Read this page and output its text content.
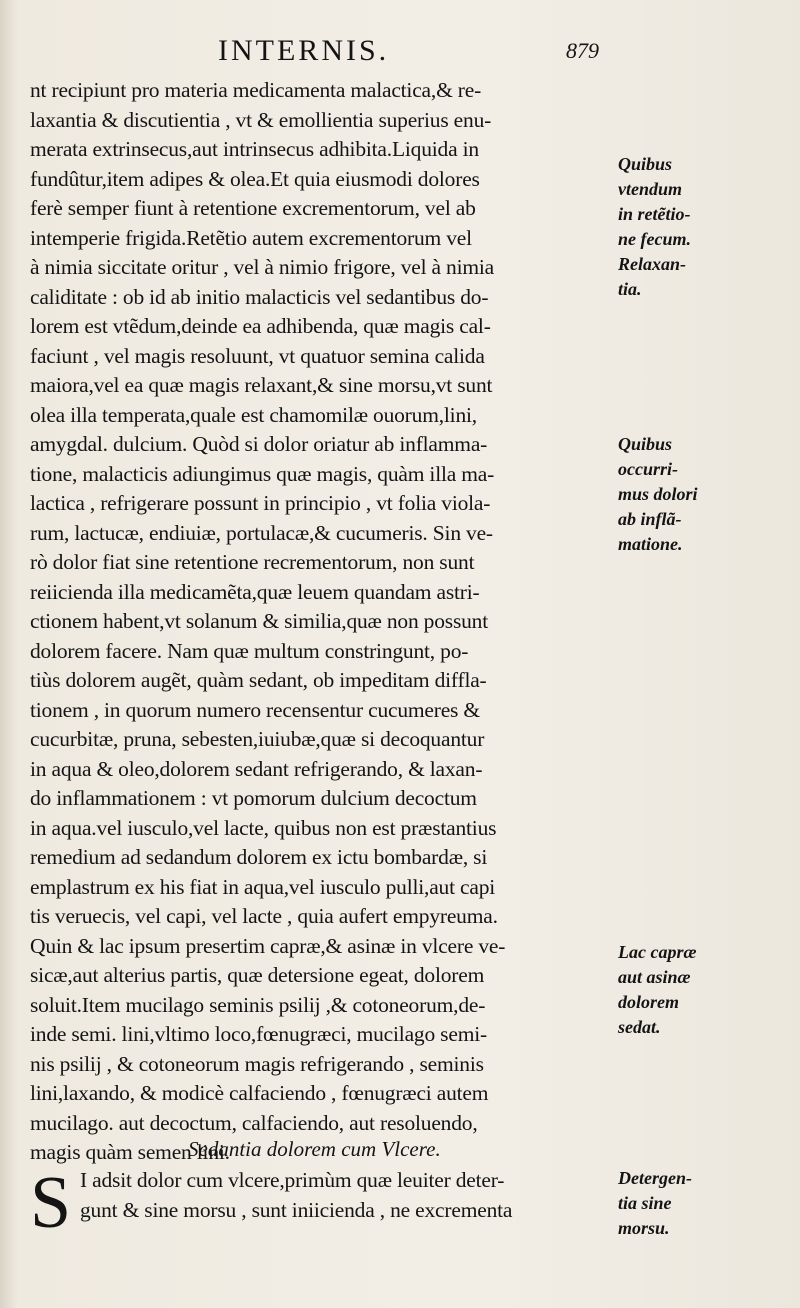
INTERNIS.	879
nt recipiunt pro materia medicamenta malactica,& re-
laxantia & discutientia , vt & emollientia superius enu-
merata extrinsecus,aut intrinsecus adhibita.Liquida in
fundûtur,item adipes & olea.Et quia eiusmodi dolores
ferè semper fiunt à retentione excrementorum, vel ab
intemperie frigida.Retẽtio autem excrementorum vel
à nimia siccitate oritur , vel à nimio frigore, vel à nimia
caliditate : ob id ab initio malacticis vel sedantibus do-
lorem est vtẽdum,deinde ea adhibenda, quæ magis cal-
faciunt , vel magis resoluunt, vt quatuor semina calida
maiora,vel ea quæ magis relaxant,& sine morsu,vt sunt
olea illa temperata,quale est chamomilæ ouorum,lini,
amygdal. dulcium. Quòd si dolor oriatur ab inflamma-
tione, malacticis adiungimus quæ magis, quàm illa ma-
lactica , refrigerare possunt in principio , vt folia viola-
rum, lactucæ, endiuiæ, portulacæ,& cucumeris. Sin ve-
rò dolor fiat sine retentione recrementorum, non sunt
reiicienda illa medicamẽta,quæ leuem quandam astri-
ctionem habent,vt solanum & similia,quæ non possunt
dolorem facere. Nam quæ multum constringunt, po-
tiùs dolorem augẽt, quàm sedant, ob impeditam diffla-
tionem , in quorum numero recensentur cucumeres &
cucurbitæ, pruna, sebesten,iuiubæ,quæ si decoquantur
in aqua & oleo,dolorem sedant refrigerando, & laxan-
do inflammationem : vt pomorum dulcium decoctum
in aqua.vel iusculo,vel lacte, quibus non est præstantius
remedium ad sedandum dolorem ex ictu bombardæ, si
emplastrum ex his fiat in aqua,vel iusculo pulli,aut capi
tis veruecis, vel capi, vel lacte , quia aufert empyreuma.
Quin & lac ipsum presertim capræ,& asinæ in vlcere ve-
sicæ,aut alterius partis, quæ detersione egeat, dolorem
soluit.Item mucilago seminis psilij ,& cotoneorum,de-
inde semi. lini,vltimo loco,fœnugræci, mucilago semi-
nis psilij , & cotoneorum magis refrigerando , seminis
lini,laxando, & modicè calfaciendo , fœnugræci autem
mucilago. aut decoctum, calfaciendo, aut resoluendo,
magis quàm semen lini.
Sedantia dolorem cum Vlcere.
S I adsit dolor cum vlcere,primùm quæ leuiter deter-
gunt & sine morsu , sunt iniicienda , ne excrementa
Quibus
vtendum
in retẽtio-
ne fecum.
Relaxan-
tia.
Quibus
occurri-
mus dolori
ab inflã-
matione.
Lac capræ
aut asinæ
dolorem
sedat.
Detergen-
tia sine
morsu.
